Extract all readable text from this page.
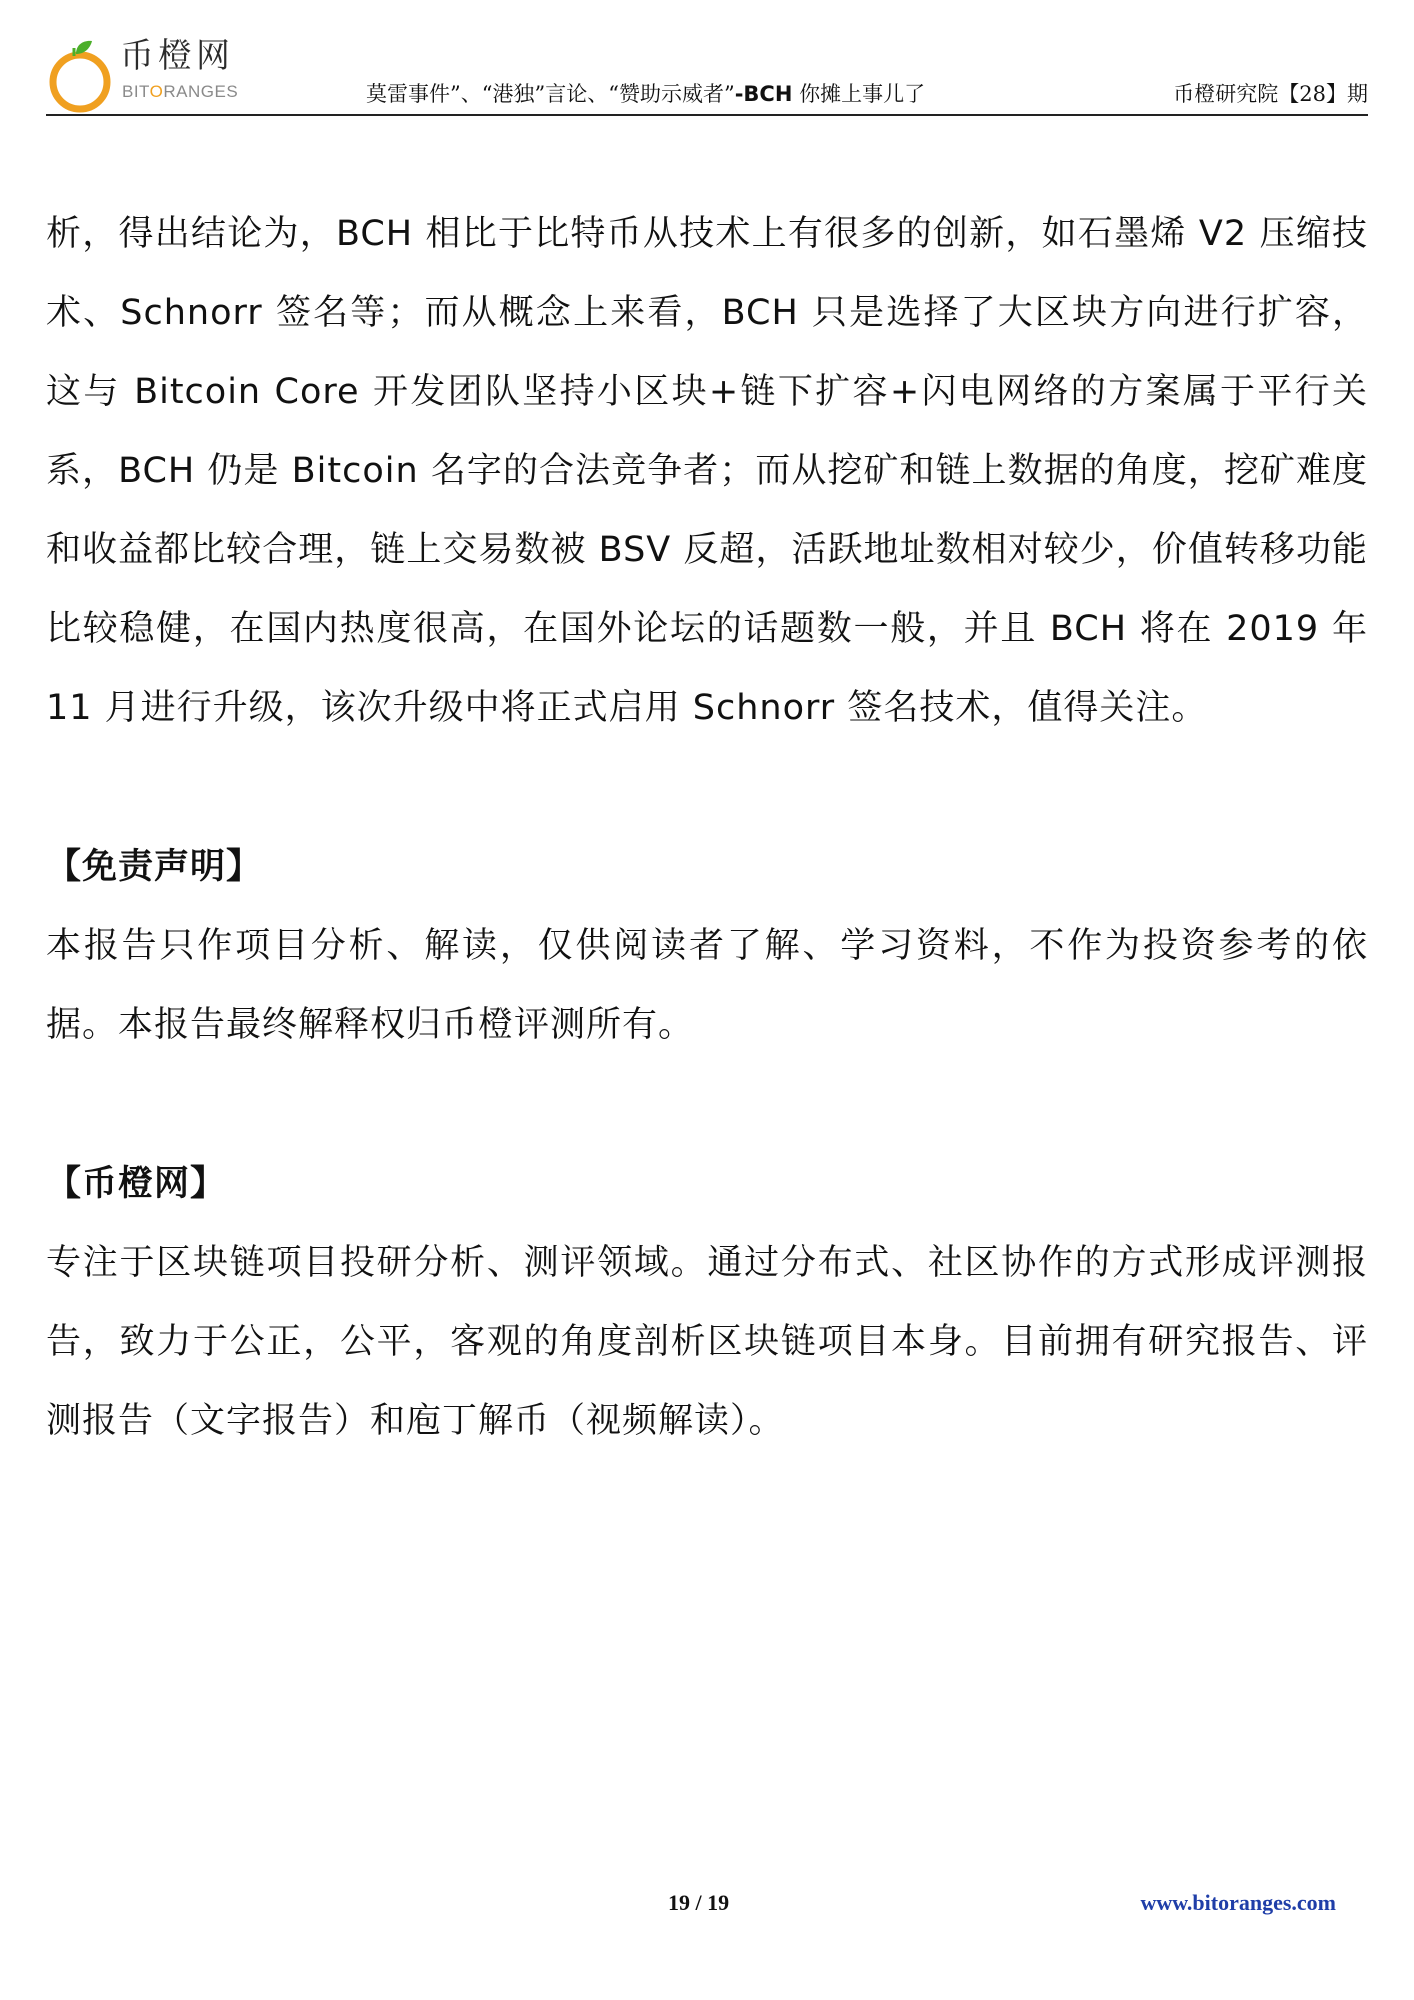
币橙网
BITORANGES	莫雷事件”、“港独”言论、“赞助示威者”-BCH 你摊上事儿了	币橙研究院【28】期

析，得出结论为，BCH 相比于比特币从技术上有很多的创新，如石墨烯 V2 压缩技术、Schnorr 签名等；而从概念上来看，BCH 只是选择了大区块方向进行扩容，这与 Bitcoin Core 开发团队坚持小区块+链下扩容+闪电网络的方案属于平行关系，BCH 仍是 Bitcoin 名字的合法竞争者；而从挖矿和链上数据的角度，挖矿难度和收益都比较合理，链上交易数被 BSV 反超，活跃地址数相对较少，价值转移功能比较稳健，在国内热度很高，在国外论坛的话题数一般，并且 BCH 将在 2019 年 11 月进行升级，该次升级中将正式启用 Schnorr 签名技术，值得关注。

【免责声明】

本报告只作项目分析、解读，仅供阅读者了解、学习资料，不作为投资参考的依据。本报告最终解释权归币橙评测所有。

【币橙网】

专注于区块链项目投研分析、测评领域。通过分布式、社区协作的方式形成评测报告，致力于公正，公平，客观的角度剖析区块链项目本身。目前拥有研究报告、评测报告（文字报告）和庖丁解币（视频解读）。

19 / 19	www.bitoranges.com
